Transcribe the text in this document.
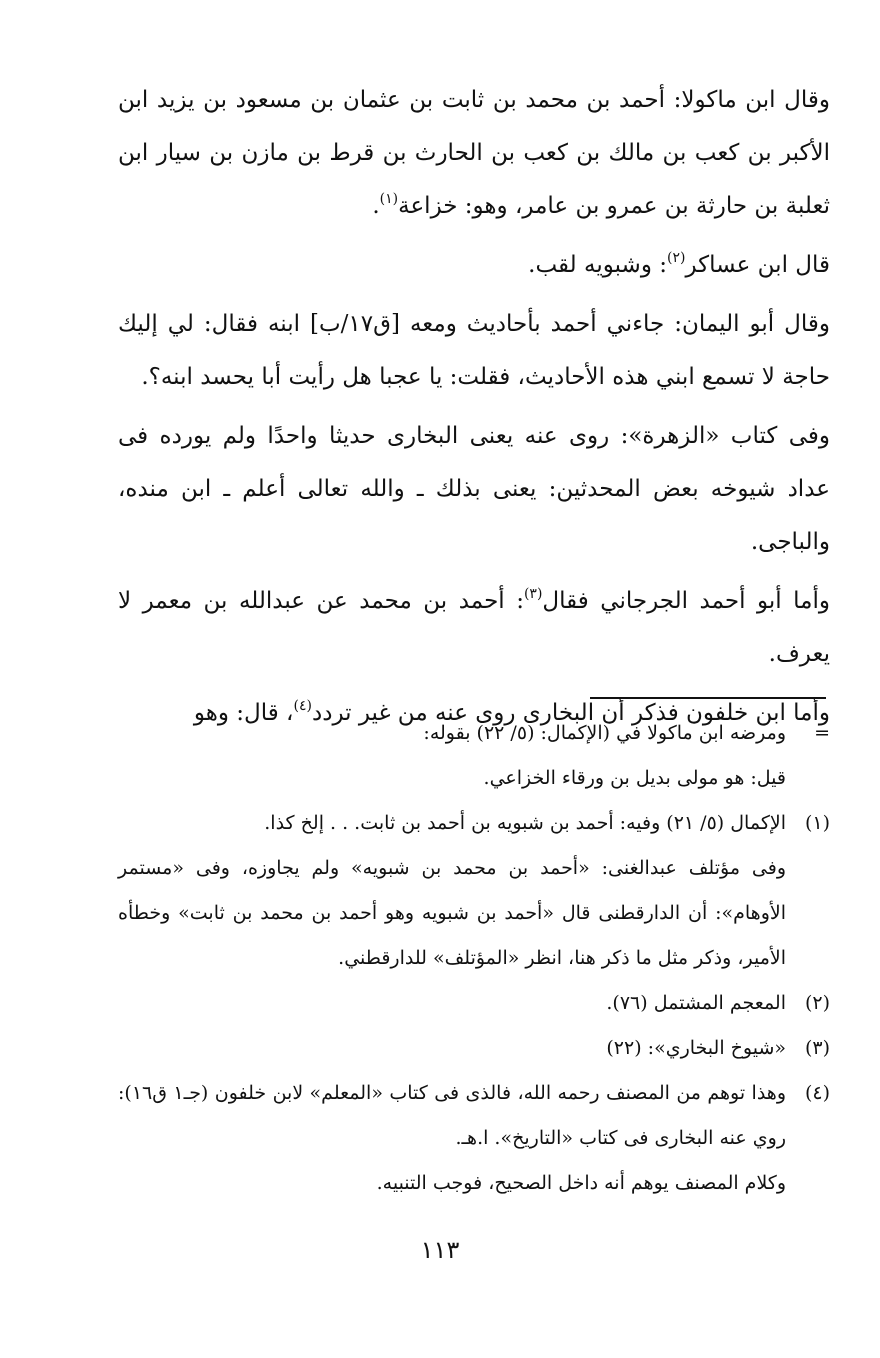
وقال ابن ماكولا: أحمد بن محمد بن ثابت بن عثمان بن مسعود بن يزيد ابن الأكبر بن كعب بن مالك بن كعب بن الحارث بن قرط بن مازن بن سيار ابن ثعلبة بن حارثة بن عمرو بن عامر، وهو: خزاعة$^{(١)}$.

قال ابن عساكر$^{(٢)}$: وشبويه لقب.

وقال أبو اليمان: جاءني أحمد بأحاديث ومعه [ق١٧/ب] ابنه فقال: لي إليك حاجة لا تسمع ابني هذه الأحاديث، فقلت: يا عجبا هل رأيت أبا يحسد ابنه؟.

وفى كتاب «الزهرة»: روى عنه يعنى البخارى حديثا واحدًا ولم يورده فى عداد شيوخه بعض المحدثين: يعنى بذلك ـ والله تعالى أعلم ـ ابن منده، والباجى.

وأما أبو أحمد الجرجاني فقال$^{(٣)}$: أحمد بن محمد عن عبدالله بن معمر لا يعرف.

وأما ابن خلفون فذكر أن البخارى روى عنه من غير تردد$^{(٤)}$، قال: وهو

=
ومرضه ابن ماكولا في (الإكمال: (٥/ ٢٢) بقوله:
قيل: هو مولى بديل بن ورقاء الخزاعي.
(١)
الإكمال (٥/ ٢١) وفيه: أحمد بن شبويه بن أحمد بن ثابت. . . إلخ كذا.
وفى مؤتلف عبدالغنى: «أحمد بن محمد بن شبويه» ولم يجاوزه، وفى «مستمر الأوهام»: أن الدارقطنى قال «أحمد بن شبويه وهو أحمد بن محمد بن ثابت» وخطأه الأمير، وذكر مثل ما ذكر هنا، انظر «المؤتلف» للدارقطني.
(٢)
المعجم المشتمل (٧٦).
(٣)
«شيوخ البخاري»: (٢٢)
(٤)
وهذا توهم من المصنف رحمه الله، فالذى فى كتاب «المعلم» لابن خلفون (جـ١ ق١٦): روي عنه البخارى فى كتاب «التاريخ». ا.هـ.
وكلام المصنف يوهم أنه داخل الصحيح، فوجب التنبيه.
١١٣
